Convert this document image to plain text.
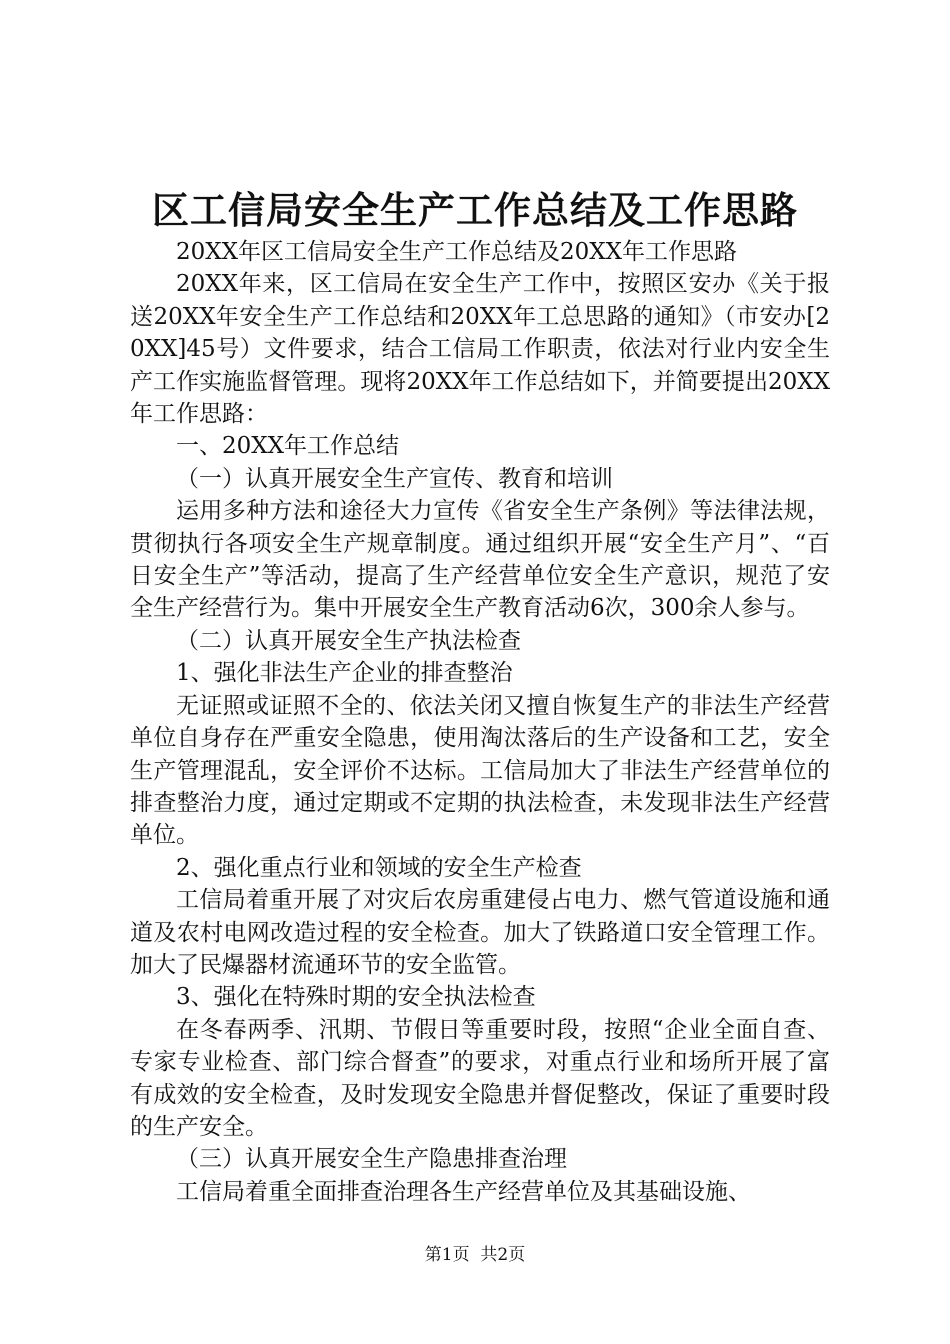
区工信局安全生产工作总结及工作思路

20XX年区工信局安全生产工作总结及20XX年工作思路

20XX年来，区工信局在安全生产工作中，按照区安办《关于报送20XX年安全生产工作总结和20XX年工总思路的通知》（市安办[20XX]45号）文件要求，结合工信局工作职责，依法对行业内安全生产工作实施监督管理。现将20XX年工作总结如下，并简要提出20XX年工作思路：

一、20XX年工作总结

（一）认真开展安全生产宣传、教育和培训

运用多种方法和途径大力宣传《省安全生产条例》等法律法规，贯彻执行各项安全生产规章制度。通过组织开展“安全生产月”、“百日安全生产”等活动，提高了生产经营单位安全生产意识，规范了安全生产经营行为。集中开展安全生产教育活动6次，300余人参与。

（二）认真开展安全生产执法检查

1、强化非法生产企业的排查整治

无证照或证照不全的、依法关闭又擅自恢复生产的非法生产经营单位自身存在严重安全隐患，使用淘汰落后的生产设备和工艺，安全生产管理混乱，安全评价不达标。工信局加大了非法生产经营单位的排查整治力度，通过定期或不定期的执法检查，未发现非法生产经营单位。

2、强化重点行业和领域的安全生产检查

工信局着重开展了对灾后农房重建侵占电力、燃气管道设施和通道及农村电网改造过程的安全检查。加大了铁路道口安全管理工作。加大了民爆器材流通环节的安全监管。

3、强化在特殊时期的安全执法检查

在冬春两季、汛期、节假日等重要时段，按照“企业全面自查、专家专业检查、部门综合督查”的要求，对重点行业和场所开展了富有成效的安全检查，及时发现安全隐患并督促整改，保证了重要时段的生产安全。

（三）认真开展安全生产隐患排查治理

工信局着重全面排查治理各生产经营单位及其基础设施、

第1页  共2页
